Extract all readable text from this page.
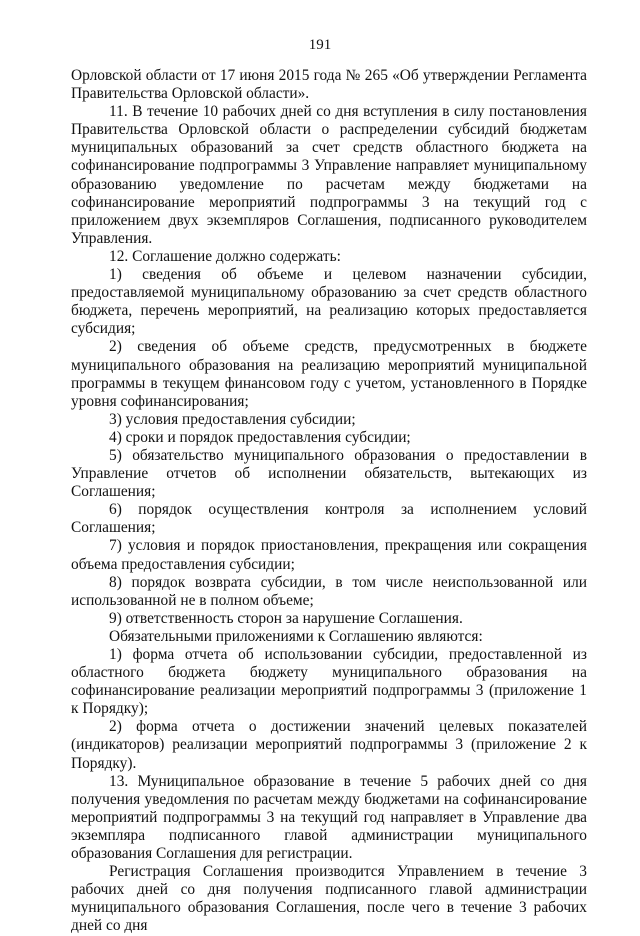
191

Орловской области от 17 июня 2015 года № 265 «Об утверждении Регламента Правительства Орловской области».

11. В течение 10 рабочих дней со дня вступления в силу постановления Правительства Орловской области о распределении субсидий бюджетам муниципальных образований за счет средств областного бюджета на софинансирование подпрограммы 3 Управление направляет муниципальному образованию уведомление по расчетам между бюджетами на софинансирование мероприятий подпрограммы 3 на текущий год с приложением двух экземпляров Соглашения, подписанного руководителем Управления.

12. Соглашение должно содержать:

1) сведения об объеме и целевом назначении субсидии, предоставляемой муниципальному образованию за счет средств областного бюджета, перечень мероприятий, на реализацию которых предоставляется субсидия;

2) сведения об объеме средств, предусмотренных в бюджете муниципального образования на реализацию мероприятий муниципальной программы в текущем финансовом году с учетом, установленного в Порядке уровня софинансирования;

3) условия предоставления субсидии;

4) сроки и порядок предоставления субсидии;

5) обязательство муниципального образования о предоставлении в Управление отчетов об исполнении обязательств, вытекающих из Соглашения;

6) порядок осуществления контроля за исполнением условий Соглашения;

7) условия и порядок приостановления, прекращения или сокращения объема предоставления субсидии;

8) порядок возврата субсидии, в том числе неиспользованной или использованной не в полном объеме;

9) ответственность сторон за нарушение Соглашения.

Обязательными приложениями к Соглашению являются:

1) форма отчета об использовании субсидии, предоставленной из областного бюджета бюджету муниципального образования на софинансирование реализации мероприятий подпрограммы 3 (приложение 1 к Порядку);

2) форма отчета о достижении значений целевых показателей (индикаторов) реализации мероприятий подпрограммы 3 (приложение 2 к Порядку).

13. Муниципальное образование в течение 5 рабочих дней со дня получения уведомления по расчетам между бюджетами на софинансирование мероприятий подпрограммы 3 на текущий год направляет в Управление два экземпляра подписанного главой администрации муниципального образования Соглашения для регистрации.

Регистрация Соглашения производится Управлением в течение 3 рабочих дней со дня получения подписанного главой администрации муниципального образования Соглашения, после чего в течение 3 рабочих дней со дня
